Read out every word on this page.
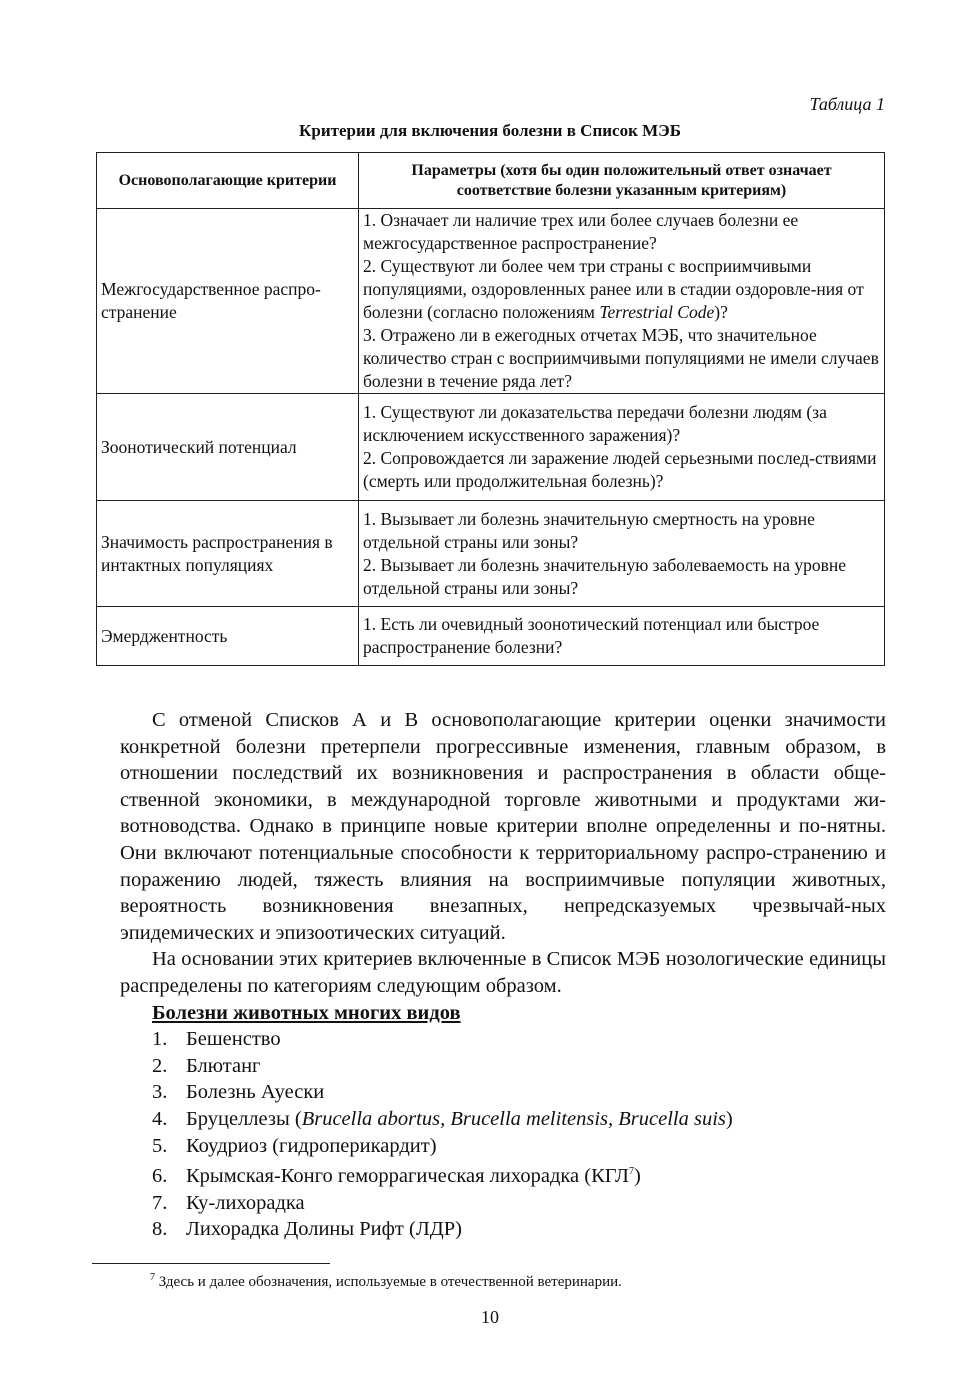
Таблица 1
Критерии для включения болезни в Список МЭБ
Основополагающие критерии	Параметры (хотя бы один положительный ответ означает соответствие болезни указанным критериям)
Межгосударственное распро-странение	1. Означает ли наличие трех или более случаев болезни ее межгосударственное распространение?

2. Существуют ли более чем три страны с восприимчивыми популяциями, оздоровленных ранее или в стадии оздоровле-ния от болезни (согласно положениям Terrestrial Code)?

3. Отражено ли в ежегодных отчетах МЭБ, что значительное количество стран с восприимчивыми популяциями не имели случаев болезни в течение ряда лет?

Зоонотический потенциал	1. Существуют ли доказательства передачи болезни людям (за исключением искусственного заражения)?

2. Сопровождается ли заражение людей серьезными послед-ствиями (смерть или продолжительная болезнь)?

Значимость распространения в интактных популяциях	1. Вызывает ли болезнь значительную смертность на уровне отдельной страны или зоны?

2. Вызывает ли болезнь значительную заболеваемость на уровне отдельной страны или зоны?

Эмерджентность	1. Есть ли очевидный зоонотический потенциал или быстрое распространение болезни?

С отменой Списков А и В основополагающие критерии оценки значимости конкретной болезни претерпели прогрессивные изменения, главным образом, в отношении последствий их возникновения и распространения в области обще-ственной экономики, в международной торговле животными и продуктами жи-вотноводства. Однако в принципе новые критерии вполне определенны и по-нятны. Они включают потенциальные способности к территориальному распро-странению и поражению людей, тяжесть влияния на восприимчивые популяции животных, вероятность возникновения внезапных, непредсказуемых чрезвычай-ных эпидемических и эпизоотических ситуаций.

На основании этих критериев включенные в Список МЭБ нозологические единицы распределены по категориям следующим образом.

Болезни животных многих видов
1. Бешенство
2. Блютанг
3. Болезнь Ауески
4. Бруцеллезы (Brucella abortus, Brucella melitensis, Brucella suis)
5. Коудриоз (гидроперикардит)
6. Крымская-Конго геморрагическая лихорадка (КГЛ$^7$)
7. Ку-лихорадка
8. Лихорадка Долины Рифт (ЛДР)
$^7$ Здесь и далее обозначения, используемые в отечественной ветеринарии.
10
